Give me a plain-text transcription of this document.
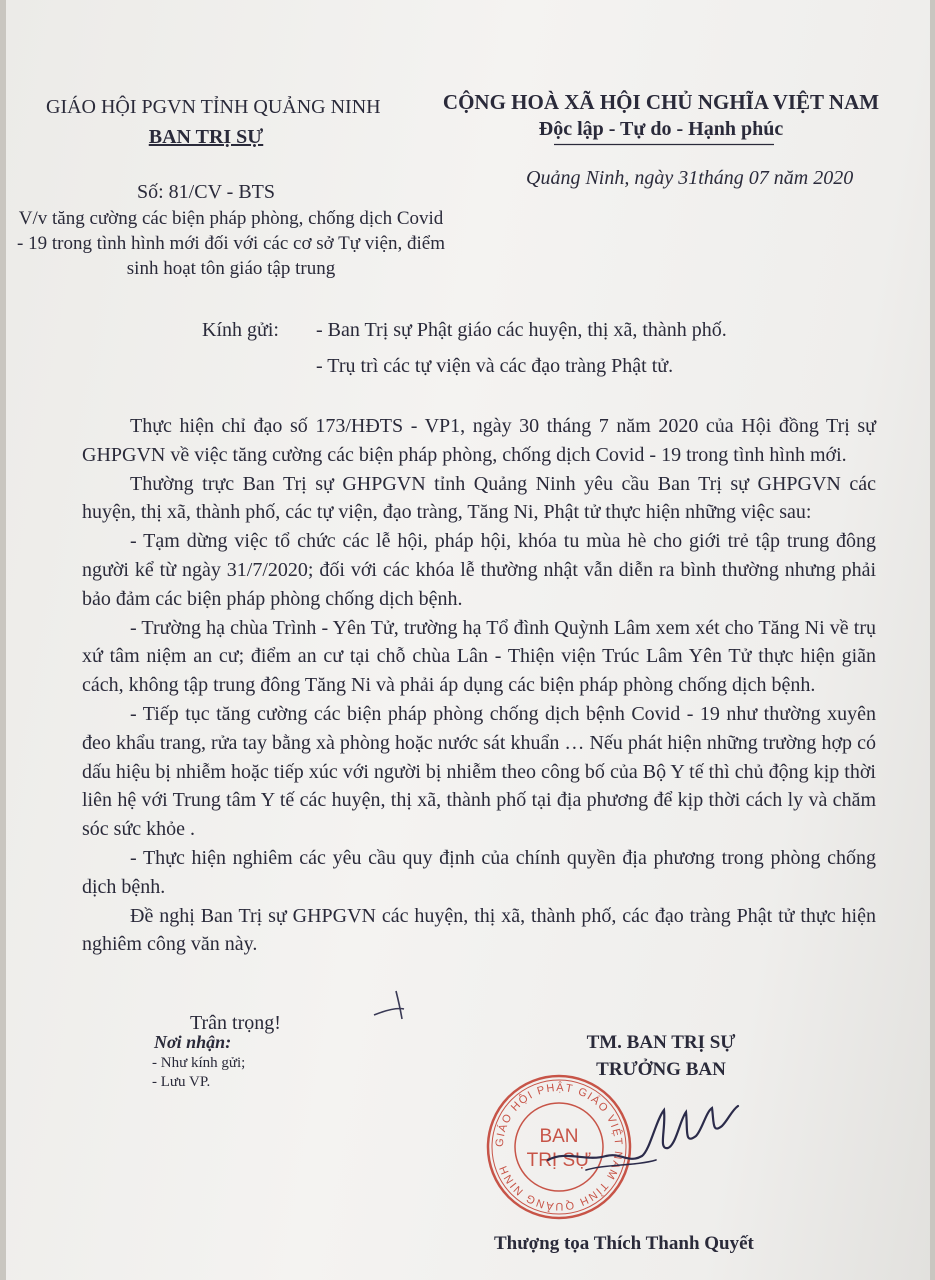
GIÁO HỘI PGVN TỈNH QUẢNG NINH
BAN TRỊ SỰ
CỘNG HOÀ XÃ HỘI CHỦ NGHĨA VIỆT NAM
Độc lập - Tự do - Hạnh phúc
Quảng Ninh, ngày 31tháng 07 năm 2020
Số: 81/CV - BTS
V/v tăng cường các biện pháp phòng, chống dịch Covid - 19 trong tình hình mới đối với các cơ sở Tự viện, điểm sinh hoạt tôn giáo tập trung
Kính gửi: - Ban Trị sự Phật giáo các huyện, thị xã, thành phố.
- Trụ trì các tự viện và các đạo tràng Phật tử.

Thực hiện chỉ đạo số 173/HĐTS - VP1, ngày 30 tháng 7 năm 2020 của Hội đồng Trị sự GHPGVN về việc tăng cường các biện pháp phòng, chống dịch Covid - 19 trong tình hình mới.

Thường trực Ban Trị sự GHPGVN tỉnh Quảng Ninh yêu cầu Ban Trị sự GHPGVN các huyện, thị xã, thành phố, các tự viện, đạo tràng, Tăng Ni, Phật tử thực hiện những việc sau:

- Tạm dừng việc tổ chức các lễ hội, pháp hội, khóa tu mùa hè cho giới trẻ tập trung đông người kể từ ngày 31/7/2020; đối với các khóa lễ thường nhật vẫn diễn ra bình thường nhưng phải bảo đảm các biện pháp phòng chống dịch bệnh.

- Trường hạ chùa Trình - Yên Tử, trường hạ Tổ đình Quỳnh Lâm xem xét cho Tăng Ni về trụ xứ tâm niệm an cư; điểm an cư tại chỗ chùa Lân - Thiện viện Trúc Lâm Yên Tử thực hiện giãn cách, không tập trung đông Tăng Ni và phải áp dụng các biện pháp phòng chống dịch bệnh.

- Tiếp tục tăng cường các biện pháp phòng chống dịch bệnh Covid - 19 như thường xuyên đeo khẩu trang, rửa tay bằng xà phòng hoặc nước sát khuẩn … Nếu phát hiện những trường hợp có dấu hiệu bị nhiễm hoặc tiếp xúc với người bị nhiễm theo công bố của Bộ Y tế thì chủ động kịp thời liên hệ với Trung tâm Y tế các huyện, thị xã, thành phố tại địa phương để kịp thời cách ly và chăm sóc sức khỏe .

- Thực hiện nghiêm các yêu cầu quy định của chính quyền địa phương trong phòng chống dịch bệnh.

Đề nghị Ban Trị sự GHPGVN các huyện, thị xã, thành phố, các đạo tràng Phật tử thực hiện nghiêm công văn này.

Trân trọng!
Nơi nhận:
- Như kính gửi;
- Lưu VP.
TM. BAN TRỊ SỰ
TRƯỞNG BAN
GIÁO HỘI PHẬT GIÁO VIỆT NAM TỈNH QUẢNG NINH
BAN
TRỊ SỰ
Thượng tọa Thích Thanh Quyết
